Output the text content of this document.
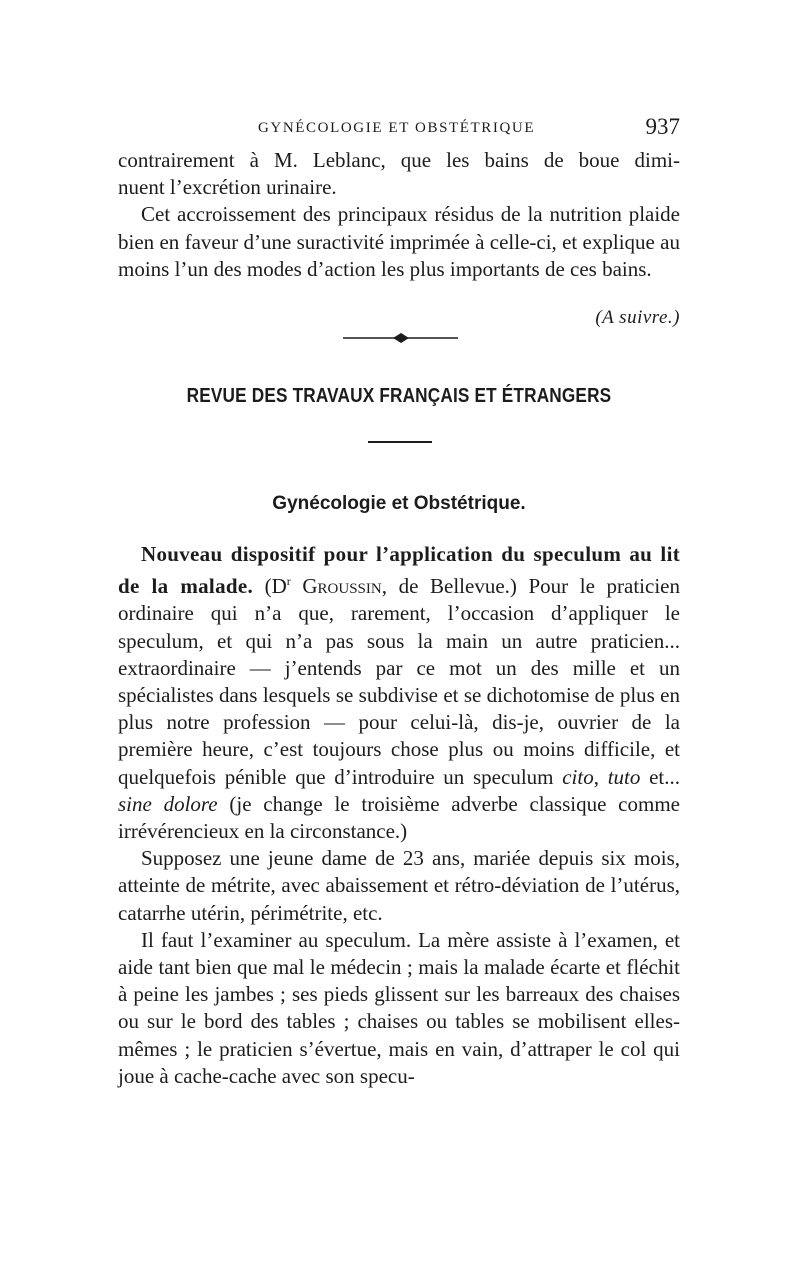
GYNÉCOLOGIE ET OBSTÉTRIQUE	937

contrairement à M. Leblanc, que les bains de boue dimi-

nuent l’excrétion urinaire.

Cet accroissement des principaux résidus de la nutrition plaide bien en faveur d’une suractivité imprimée à celle-ci, et explique au moins l’un des modes d’action les plus importants de ces bains.

(A suivre.)
REVUE DES TRAVAUX FRANÇAIS ET ÉTRANGERS
Gynécologie et Obstétrique.

Nouveau dispositif pour l’application du speculum au lit de la malade. ($D^r$ Groussin, de Bellevue.) Pour le praticien ordinaire qui n’a que, rarement, l’occasion d’appliquer le speculum, et qui n’a pas sous la main un autre praticien... extraordinaire — j’entends par ce mot un des mille et un spécialistes dans lesquels se subdivise et se dichotomise de plus en plus notre profession — pour celui-là, dis-je, ouvrier de la première heure, c’est toujours chose plus ou moins difficile, et quelquefois pénible que d’introduire un speculum cito, tuto et... sine dolore (je change le troisième adverbe classique comme irrévérencieux en la circonstance.)

Supposez une jeune dame de 23 ans, mariée depuis six mois, atteinte de métrite, avec abaissement et rétro-déviation de l’utérus, catarrhe utérin, périmétrite, etc.

Il faut l’examiner au speculum. La mère assiste à l’examen, et aide tant bien que mal le médecin ; mais la malade écarte et fléchit à peine les jambes ; ses pieds glissent sur les barreaux des chaises ou sur le bord des tables ; chaises ou tables se mobilisent elles-mêmes ; le praticien s’évertue, mais en vain, d’attraper le col qui joue à cache-cache avec son specu-
